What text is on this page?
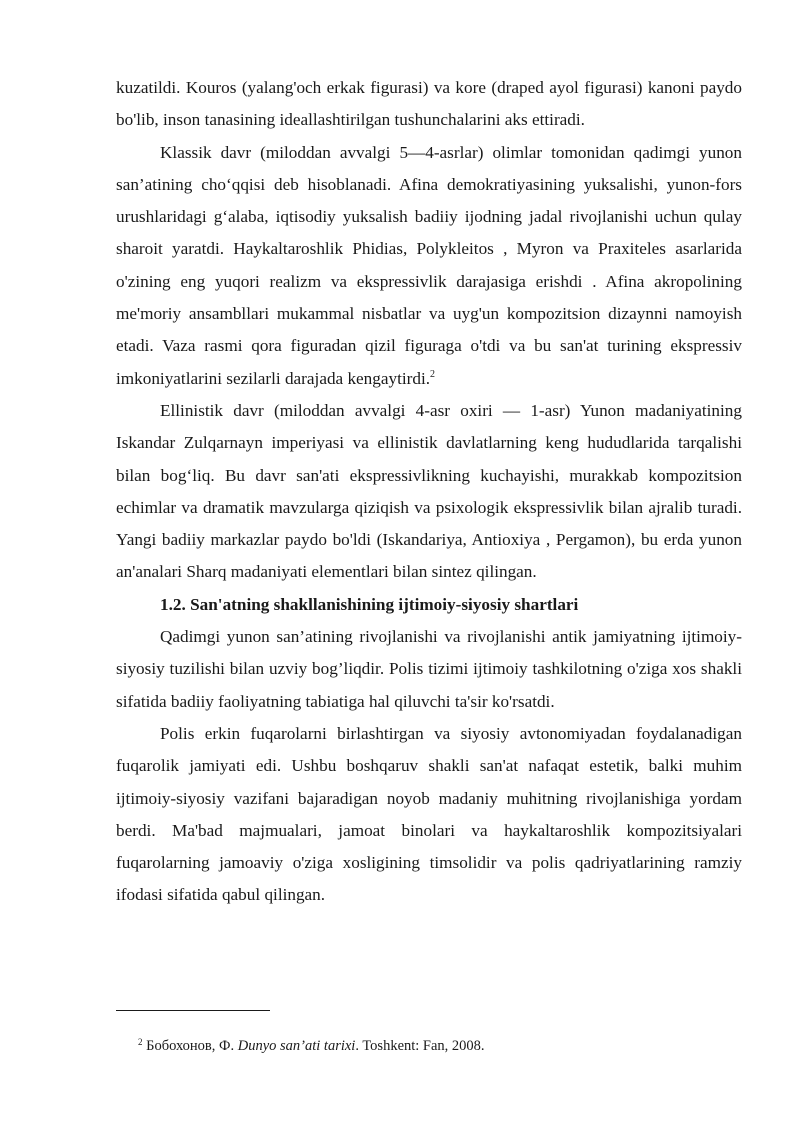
kuzatildi. Kouros (yalang'och erkak figurasi) va kore (draped ayol figurasi) kanoni paydo bo'lib, inson tanasining ideallashtirilgan tushunchalarini aks ettiradi.

Klassik davr (miloddan avvalgi 5—4-asrlar) olimlar tomonidan qadimgi yunon san’atining cho‘qqisi deb hisoblanadi. Afina demokratiyasining yuksalishi, yunon-fors urushlaridagi g‘alaba, iqtisodiy yuksalish badiiy ijodning jadal rivojlanishi uchun qulay sharoit yaratdi. Haykaltaroshlik Phidias, Polykleitos , Myron va Praxiteles asarlarida o'zining eng yuqori realizm va ekspressivlik darajasiga erishdi . Afina akropolining me'moriy ansambllari mukammal nisbatlar va uyg'un kompozitsion dizaynni namoyish etadi. Vaza rasmi qora figuradan qizil figuraga o'tdi va bu san'at turining ekspressiv imkoniyatlarini sezilarli darajada kengaytirdi.$^2$

Ellinistik davr (miloddan avvalgi 4-asr oxiri — 1-asr) Yunon madaniyatining Iskandar Zulqarnayn imperiyasi va ellinistik davlatlarning keng hududlarida tarqalishi bilan bog‘liq. Bu davr san'ati ekspressivlikning kuchayishi, murakkab kompozitsion echimlar va dramatik mavzularga qiziqish va psixologik ekspressivlik bilan ajralib turadi. Yangi badiiy markazlar paydo bo'ldi (Iskandariya, Antioxiya , Pergamon), bu erda yunon an'analari Sharq madaniyati elementlari bilan sintez qilingan.

1.2. San'atning shakllanishining ijtimoiy-siyosiy shartlari

Qadimgi yunon san’atining rivojlanishi va rivojlanishi antik jamiyatning ijtimoiy-siyosiy tuzilishi bilan uzviy bog’liqdir. Polis tizimi ijtimoiy tashkilotning o'ziga xos shakli sifatida badiiy faoliyatning tabiatiga hal qiluvchi ta'sir ko'rsatdi.

Polis erkin fuqarolarni birlashtirgan va siyosiy avtonomiyadan foydalanadigan fuqarolik jamiyati edi. Ushbu boshqaruv shakli san'at nafaqat estetik, balki muhim ijtimoiy-siyosiy vazifani bajaradigan noyob madaniy muhitning rivojlanishiga yordam berdi. Ma'bad majmualari, jamoat binolari va haykaltaroshlik kompozitsiyalari fuqarolarning jamoaviy o'ziga xosligining timsolidir va polis qadriyatlarining ramziy ifodasi sifatida qabul qilingan.

$^2$ Бобохонов, Ф. Dunyo san’ati tarixi. Toshkent: Fan, 2008.
